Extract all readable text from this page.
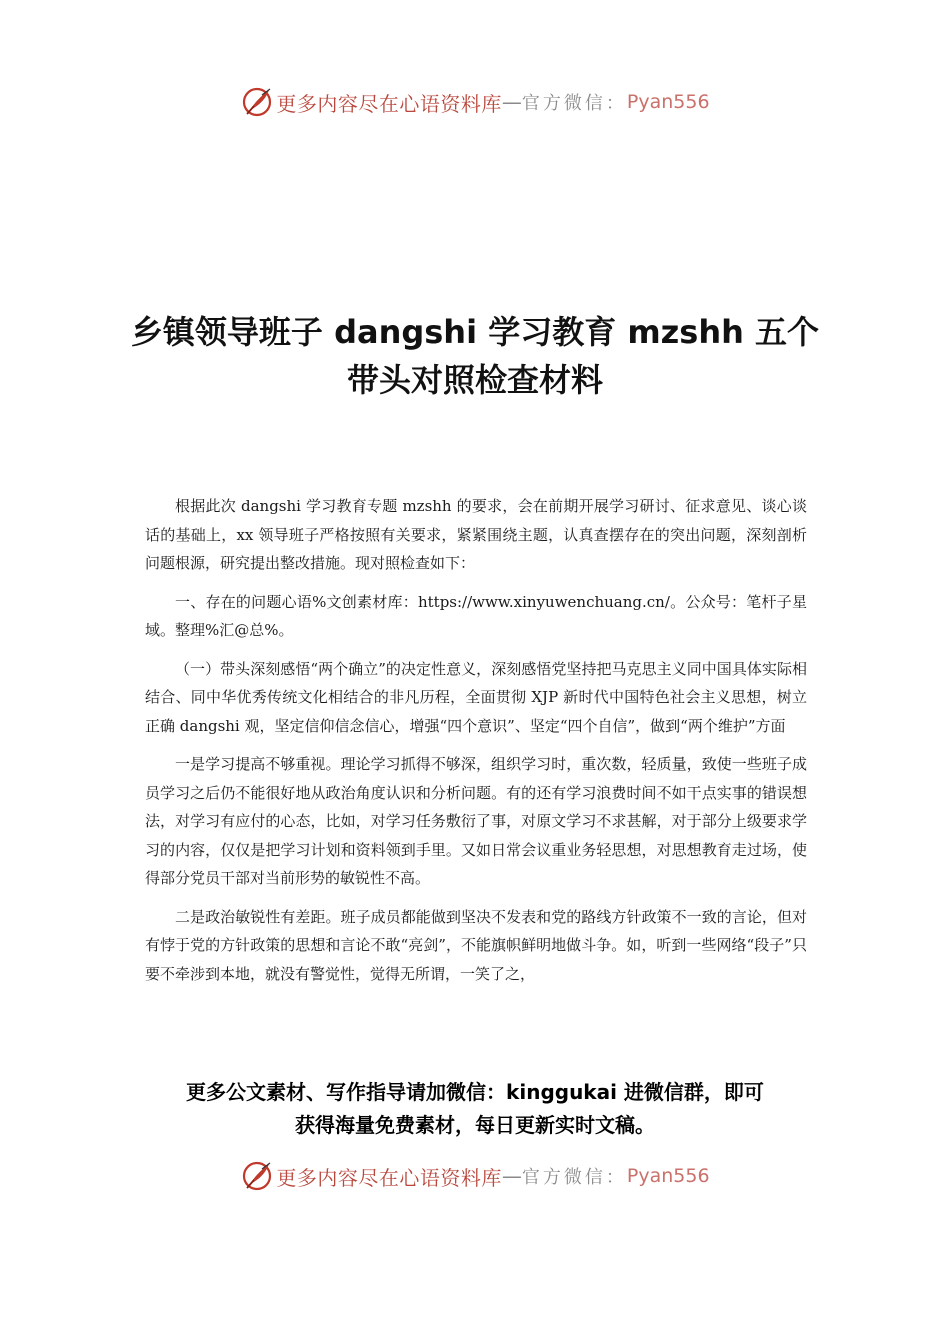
更多内容尽在心语资料库 — 官方微信： Pyan556
乡镇领导班子 dangshi 学习教育 mzshh 五个
带头对照检查材料

根据此次 dangshi 学习教育专题 mzshh 的要求，会在前期开展学习研讨、征求意见、谈心谈话的基础上，xx 领导班子严格按照有关要求，紧紧围绕主题，认真查摆存在的突出问题，深刻剖析问题根源，研究提出整改措施。现对照检查如下：

一、存在的问题心语%文创素材库：https://www.xinyuwenchuang.cn/。公众号：笔杆子星域。整理%汇@总%。

（一）带头深刻感悟“两个确立”的决定性意义，深刻感悟党坚持把马克思主义同中国具体实际相结合、同中华优秀传统文化相结合的非凡历程，全面贯彻 XJP 新时代中国特色社会主义思想，树立正确 dangshi 观，坚定信仰信念信心，增强“四个意识”、坚定“四个自信”，做到“两个维护”方面

一是学习提高不够重视。理论学习抓得不够深，组织学习时，重次数，轻质量，致使一些班子成员学习之后仍不能很好地从政治角度认识和分析问题。有的还有学习浪费时间不如干点实事的错误想法，对学习有应付的心态，比如，对学习任务敷衍了事，对原文学习不求甚解，对于部分上级要求学习的内容，仅仅是把学习计划和资料领到手里。又如日常会议重业务轻思想，对思想教育走过场，使得部分党员干部对当前形势的敏锐性不高。

二是政治敏锐性有差距。班子成员都能做到坚决不发表和党的路线方针政策不一致的言论，但对有悖于党的方针政策的思想和言论不敢“亮剑”，不能旗帜鲜明地做斗争。如，听到一些网络“段子”只要不牵涉到本地，就没有警觉性，觉得无所谓，一笑了之，

更多公文素材、写作指导请加微信：kinggukai 进微信群，即可
获得海量免费素材，每日更新实时文稿。
更多内容尽在心语资料库 — 官方微信： Pyan556
